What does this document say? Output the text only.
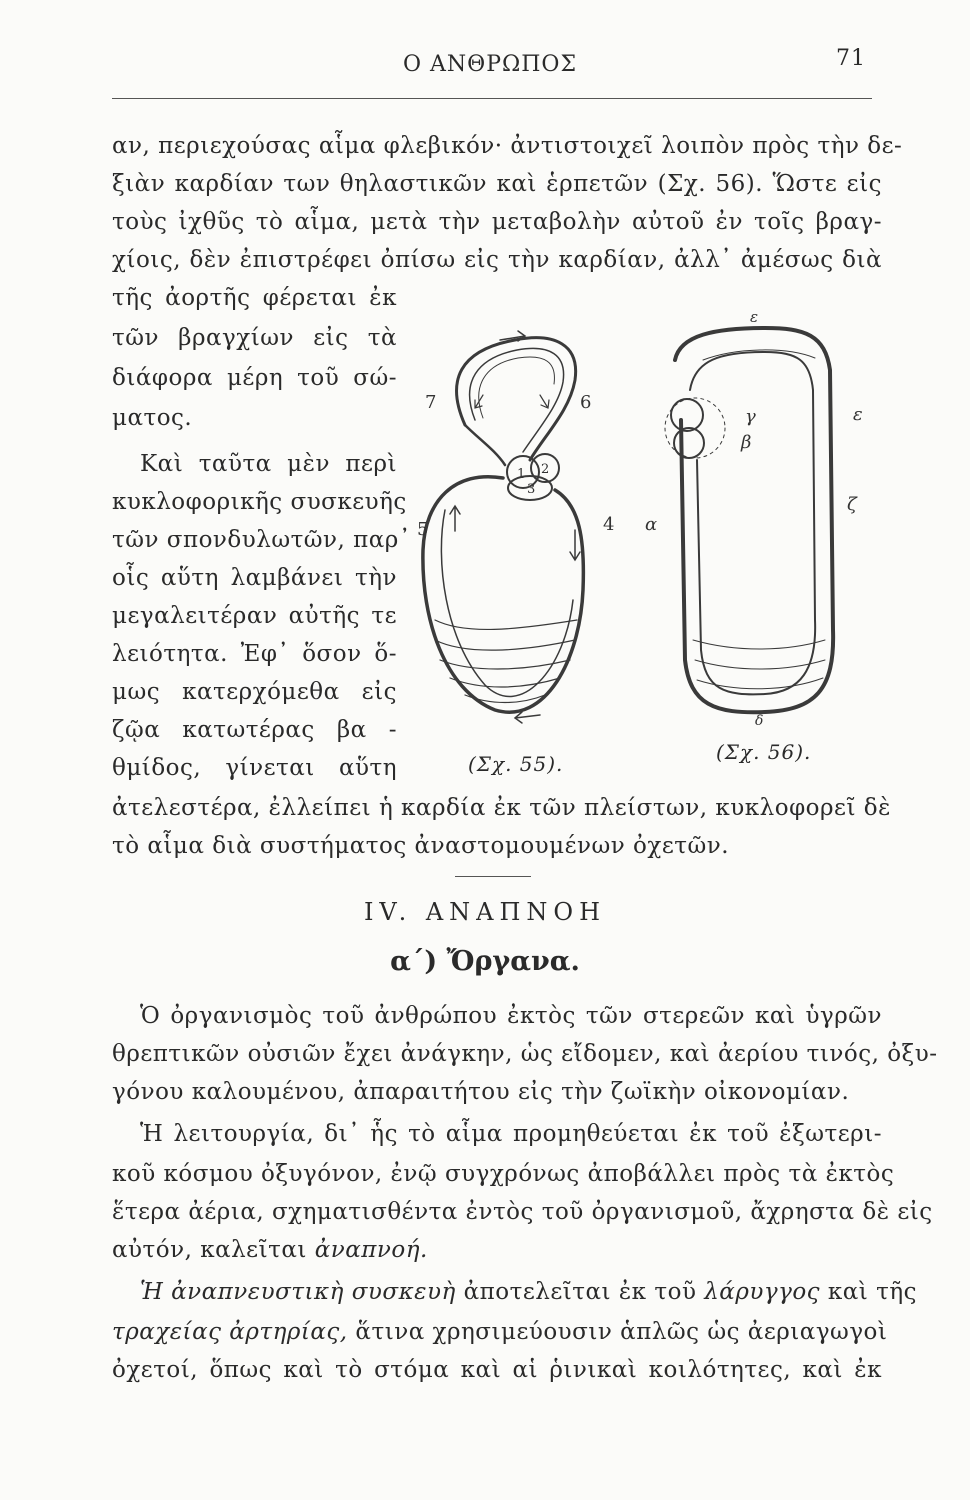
Ο ΑΝΘΡΩΠΟΣ	71
αν, περιεχούσας αἷμα φλεβικόν· ἀντιστοιχεῖ λοιπὸν πρὸς τὴν δε-
ξιὰν καρδίαν των θηλαστικῶν καὶ ἑρπετῶν (Σχ. 56). Ὥστε εἰς
τοὺς ἰχθῦς τὸ αἷμα, μετὰ τὴν μεταβολὴν αὐτοῦ ἐν τοῖς βραγ-
χίοις, δὲν ἐπιστρέφει ὀπίσω εἰς τὴν καρδίαν, ἀλλ᾽ ἀμέσως διὰ
τῆς ἀορτῆς φέρεται ἐκ
τῶν βραγχίων εἰς τὰ
διάφορα μέρη τοῦ σώ-
ματος.
Καὶ ταῦτα μὲν περὶ
κυκλοφορικῆς συσκευῆς
τῶν σπονδυλωτῶν, παρ᾽
οἷς αὕτη λαμβάνει τὴν
μεγαλειτέραν αὐτῆς τε
λειότητα. Ἐφ᾽ ὅσον ὅ-
μως κατερχόμεθα εἰς
ζῷα κατωτέρας βα -
θμίδος, γίνεται αὕτη
ἀτελεστέρα, ἐλλείπει ἡ καρδία ἐκ τῶν πλείστων, κυκλοφορεῖ δὲ
τὸ αἷμα διὰ συστήματος ἀναστομουμένων ὀχετῶν.
7	6
5	4
1 2
3
ε
γ
β
α
ζ
ε
δ
(Σχ. 55).	(Σχ. 56).
IV. ΑΝΑΠΝΟΗ
α΄) Ὄργανα.
Ὁ ὀργανισμὸς τοῦ ἀνθρώπου ἐκτὸς τῶν στερεῶν καὶ ὑγρῶν
θρεπτικῶν οὐσιῶν ἔχει ἀνάγκην, ὡς εἴδομεν, καὶ ἀερίου τινός, ὀξυ-
γόνου καλουμένου, ἀπαραιτήτου εἰς τὴν ζωϊκὴν οἰκονομίαν.
Ἡ λειτουργία, δι᾽ ἧς τὸ αἷμα προμηθεύεται ἐκ τοῦ ἐξωτερι-
κοῦ κόσμου ὀξυγόνον, ἐνῷ συγχρόνως ἀποβάλλει πρὸς τὰ ἐκτὸς
ἕτερα ἀέρια, σχηματισθέντα ἐντὸς τοῦ ὀργανισμοῦ, ἄχρηστα δὲ εἰς
αὐτόν, καλεῖται ἀναπνοή.
Ἡ ἀναπνευστικὴ συσκευὴ ἀποτελεῖται ἐκ τοῦ λάρυγγος καὶ τῆς
τραχείας ἀρτηρίας, ἅτινα χρησιμεύουσιν ἁπλῶς ὡς ἀεριαγωγοὶ
ὀχετοί, ὅπως καὶ τὸ στόμα καὶ αἱ ῥινικαὶ κοιλότητες, καὶ ἐκ
